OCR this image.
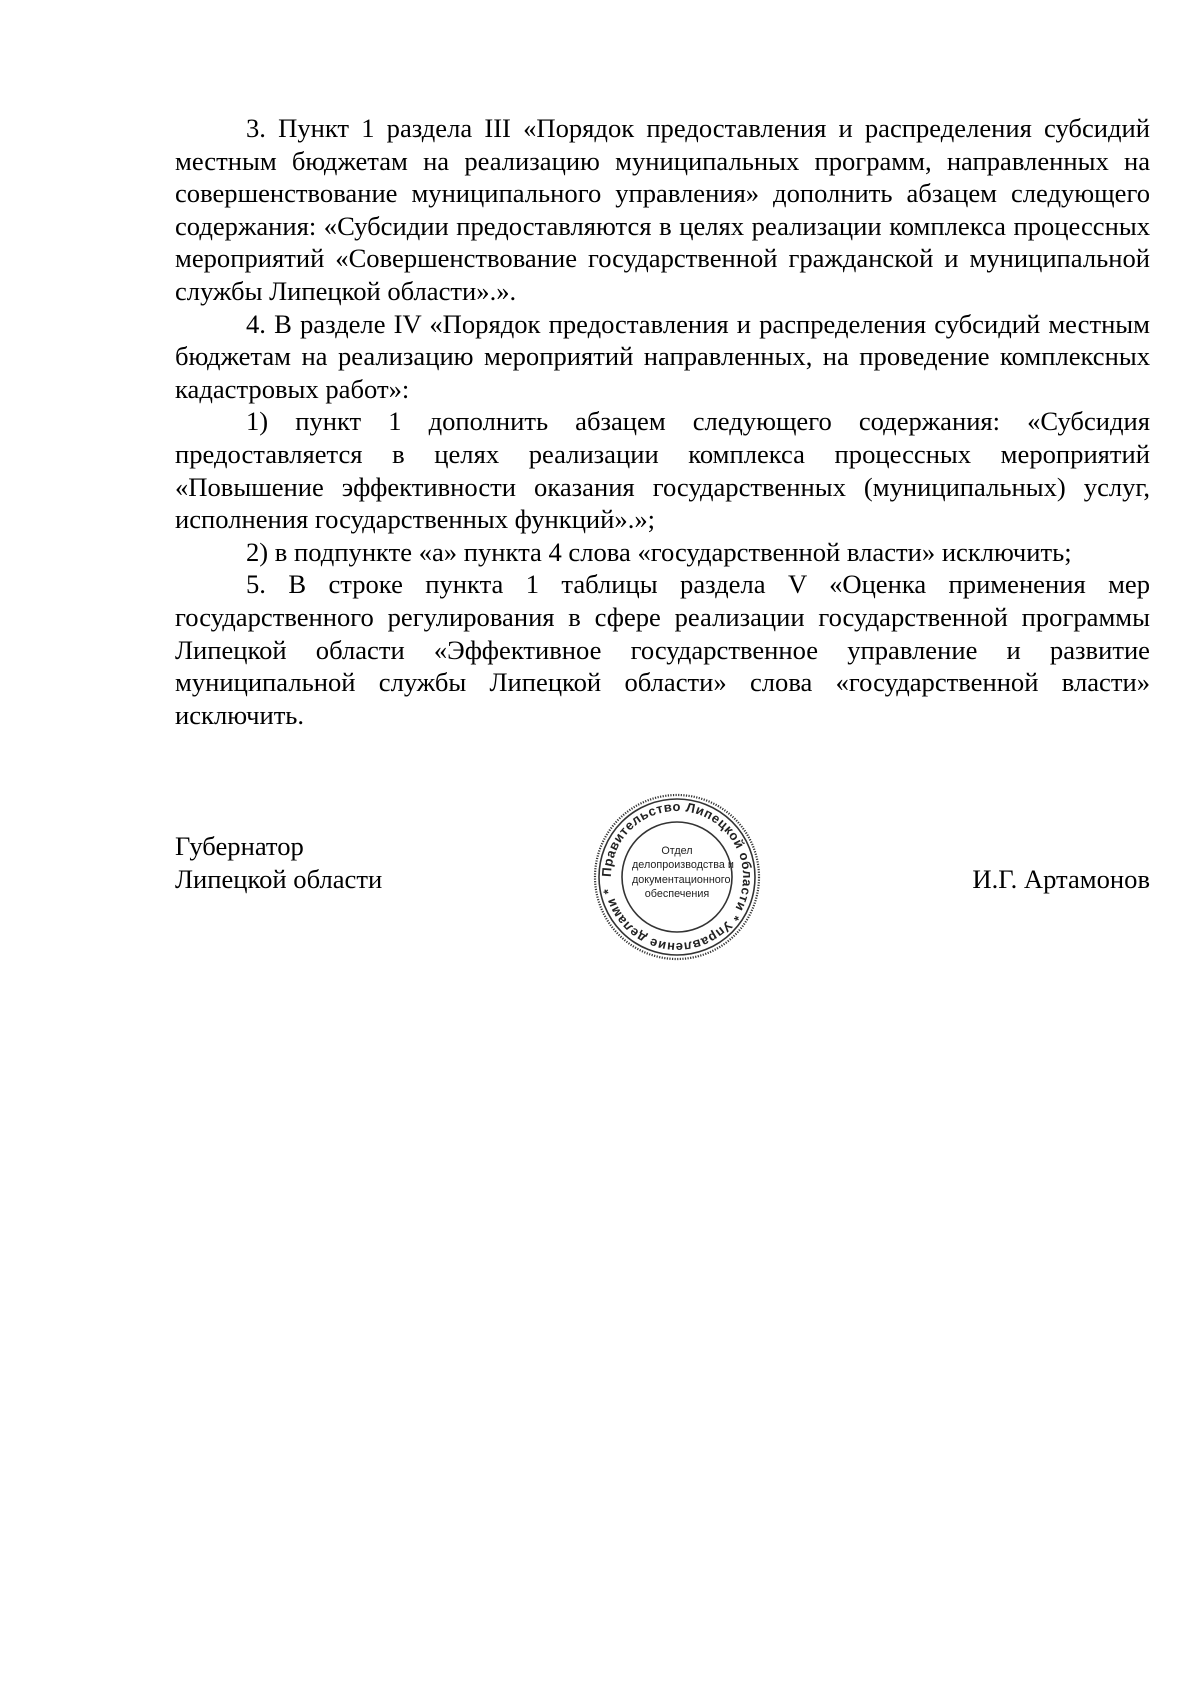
3. Пункт 1 раздела III «Порядок предоставления и распределения субсидий местным бюджетам на реализацию муниципальных программ, направленных на совершенствование муниципального управления» дополнить абзацем следующего содержания: «Субсидии предоставляются в целях реализации комплекса процессных мероприятий «Совершенствование государственной гражданской и муниципальной службы Липецкой области».».

4. В разделе IV «Порядок предоставления и распределения субсидий местным бюджетам на реализацию мероприятий направленных, на проведение комплексных кадастровых работ»:

1) пункт 1 дополнить абзацем следующего содержания: «Субсидия предоставляется в целях реализации комплекса процессных мероприятий «Повышение эффективности оказания государственных (муниципальных) услуг, исполнения государственных функций».»;

2) в подпункте «а» пункта 4 слова «государственной власти» исключить;

5. В строке пункта 1 таблицы раздела V «Оценка применения мер государственного регулирования в сфере реализации государственной программы Липецкой области «Эффективное государственное управление и развитие муниципальной службы Липецкой области» слова «государственной власти» исключить.

Губернатор
Липецкой области	И.Г. Артамонов
Правительство Липецкой области * Управление делами *
Отдел
делопроизводства и
документационного
обеспечения
